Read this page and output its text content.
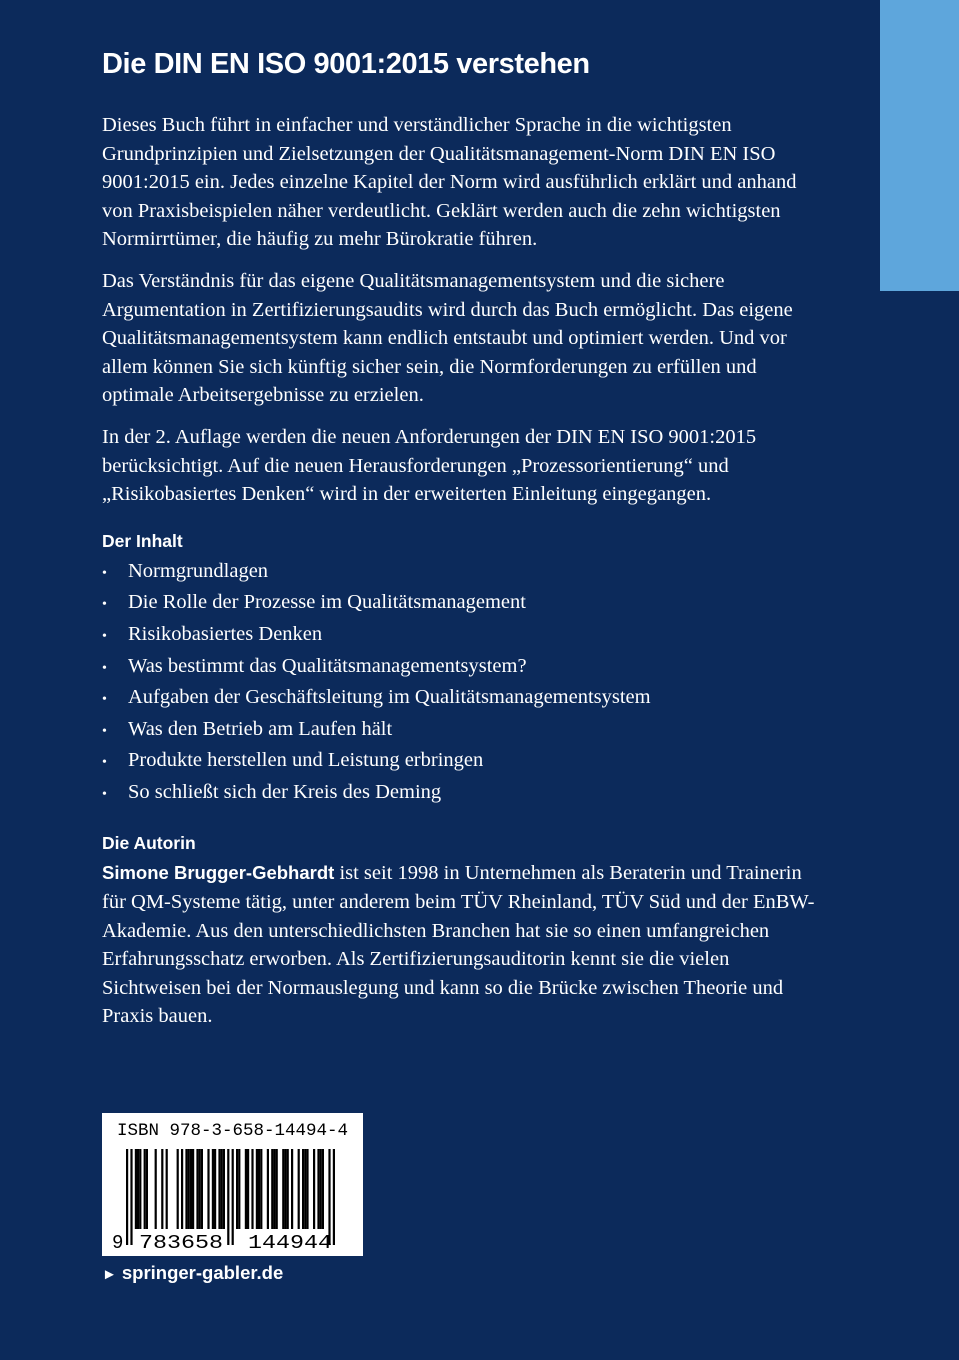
Die DIN EN ISO 9001:2015 verstehen

Dieses Buch führt in einfacher und verständlicher Sprache in die wichtigsten Grundprinzipien und Zielsetzungen der Qualitätsmanagement-Norm DIN EN ISO 9001:2015 ein. Jedes einzelne Kapitel der Norm wird ausführlich erklärt und anhand von Praxisbeispielen näher verdeutlicht. Geklärt werden auch die zehn wichtigsten Normirrtümer, die häufig zu mehr Bürokratie führen.

Das Verständnis für das eigene Qualitätsmanagementsystem und die sichere Argumentation in Zertifizierungsaudits wird durch das Buch ermöglicht. Das eigene Qualitätsmanagementsystem kann endlich entstaubt und optimiert werden. Und vor allem können Sie sich künftig sicher sein, die Normforderungen zu erfüllen und optimale Arbeitsergebnisse zu erzielen.

In der 2. Auflage werden die neuen Anforderungen der DIN EN ISO 9001:2015 berücksichtigt. Auf die neuen Herausforderungen „Prozessorientierung“ und „Risikobasiertes Denken“ wird in der erweiterten Einleitung eingegangen.

Der Inhalt
•	Normgrundlagen
•	Die Rolle der Prozesse im Qualitätsmanagement
•	Risikobasiertes Denken
•	Was bestimmt das Qualitätsmanagementsystem?
•	Aufgaben der Geschäftsleitung im Qualitätsmanagementsystem
•	Was den Betrieb am Laufen hält
•	Produkte herstellen und Leistung erbringen
•	So schließt sich der Kreis des Deming
Die Autorin

Simone Brugger-Gebhardt ist seit 1998 in Unternehmen als Beraterin und Trainerin für QM-Systeme tätig, unter anderem beim TÜV Rheinland, TÜV Süd und der EnBW-Akademie. Aus den unterschiedlichsten Branchen hat sie so einen umfangreichen Erfahrungsschatz erworben. Als Zertifizierungsauditorin kennt sie die vielen Sichtweisen bei der Normauslegung und kann so die Brücke zwischen Theorie und Praxis bauen.

ISBN 978-3-658-14494-4
9 783658 144944
► springer-gabler.de
